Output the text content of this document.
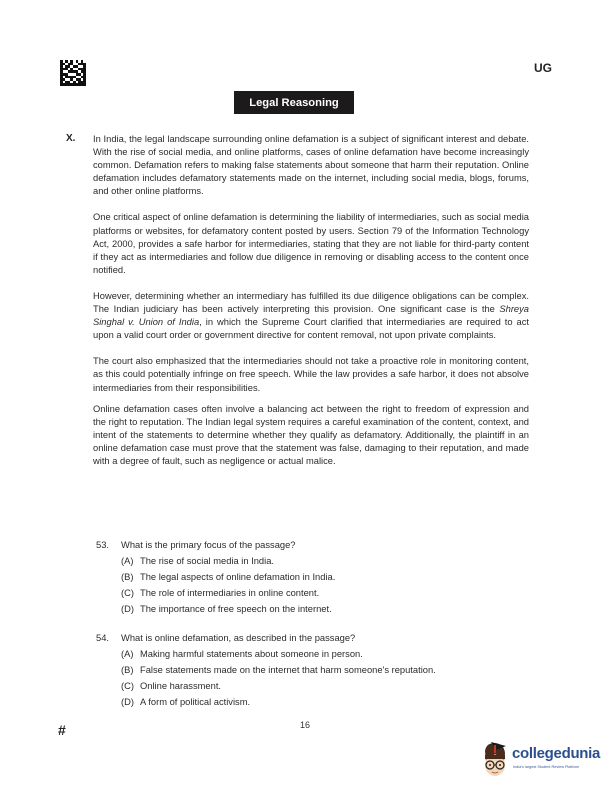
UG
Legal Reasoning
X. In India, the legal landscape surrounding online defamation is a subject of significant interest and debate. With the rise of social media, and online platforms, cases of online defamation have become increasingly common. Defamation refers to making false statements about someone that harm their reputation. Online defamation includes defamatory statements made on the internet, including social media, blogs, forums, and other online platforms.

One critical aspect of online defamation is determining the liability of intermediaries, such as social media platforms or websites, for defamatory content posted by users. Section 79 of the Information Technology Act, 2000, provides a safe harbor for intermediaries, stating that they are not liable for third-party content if they act as intermediaries and follow due diligence in removing or disabling access to the content once notified.

However, determining whether an intermediary has fulfilled its due diligence obligations can be complex. The Indian judiciary has been actively interpreting this provision. One significant case is the Shreya Singhal v. Union of India, in which the Supreme Court clarified that intermediaries are required to act upon a valid court order or government directive for content removal, not upon private complaints.

The court also emphasized that the intermediaries should not take a proactive role in monitoring content, as this could potentially infringe on free speech. While the law provides a safe harbor, it does not absolve intermediaries from their responsibilities.

Online defamation cases often involve a balancing act between the right to freedom of expression and the right to reputation. The Indian legal system requires a careful examination of the content, context, and intent of the statements to determine whether they qualify as defamatory. Additionally, the plaintiff in an online defamation case must prove that the statement was false, damaging to their reputation, and made with a degree of fault, such as negligence or actual malice.

53.	What is the primary focus of the passage?
(A) The rise of social media in India.
(B) The legal aspects of online defamation in India.
(C) The role of intermediaries in online content.
(D) The importance of free speech on the internet.
54.	What is online defamation, as described in the passage?
(A) Making harmful statements about someone in person.
(B) False statements made on the internet that harm someone's reputation.
(C) Online harassment.
(D) A form of political activism.
#	16
collegedunia
India's largest Student Review Platform
